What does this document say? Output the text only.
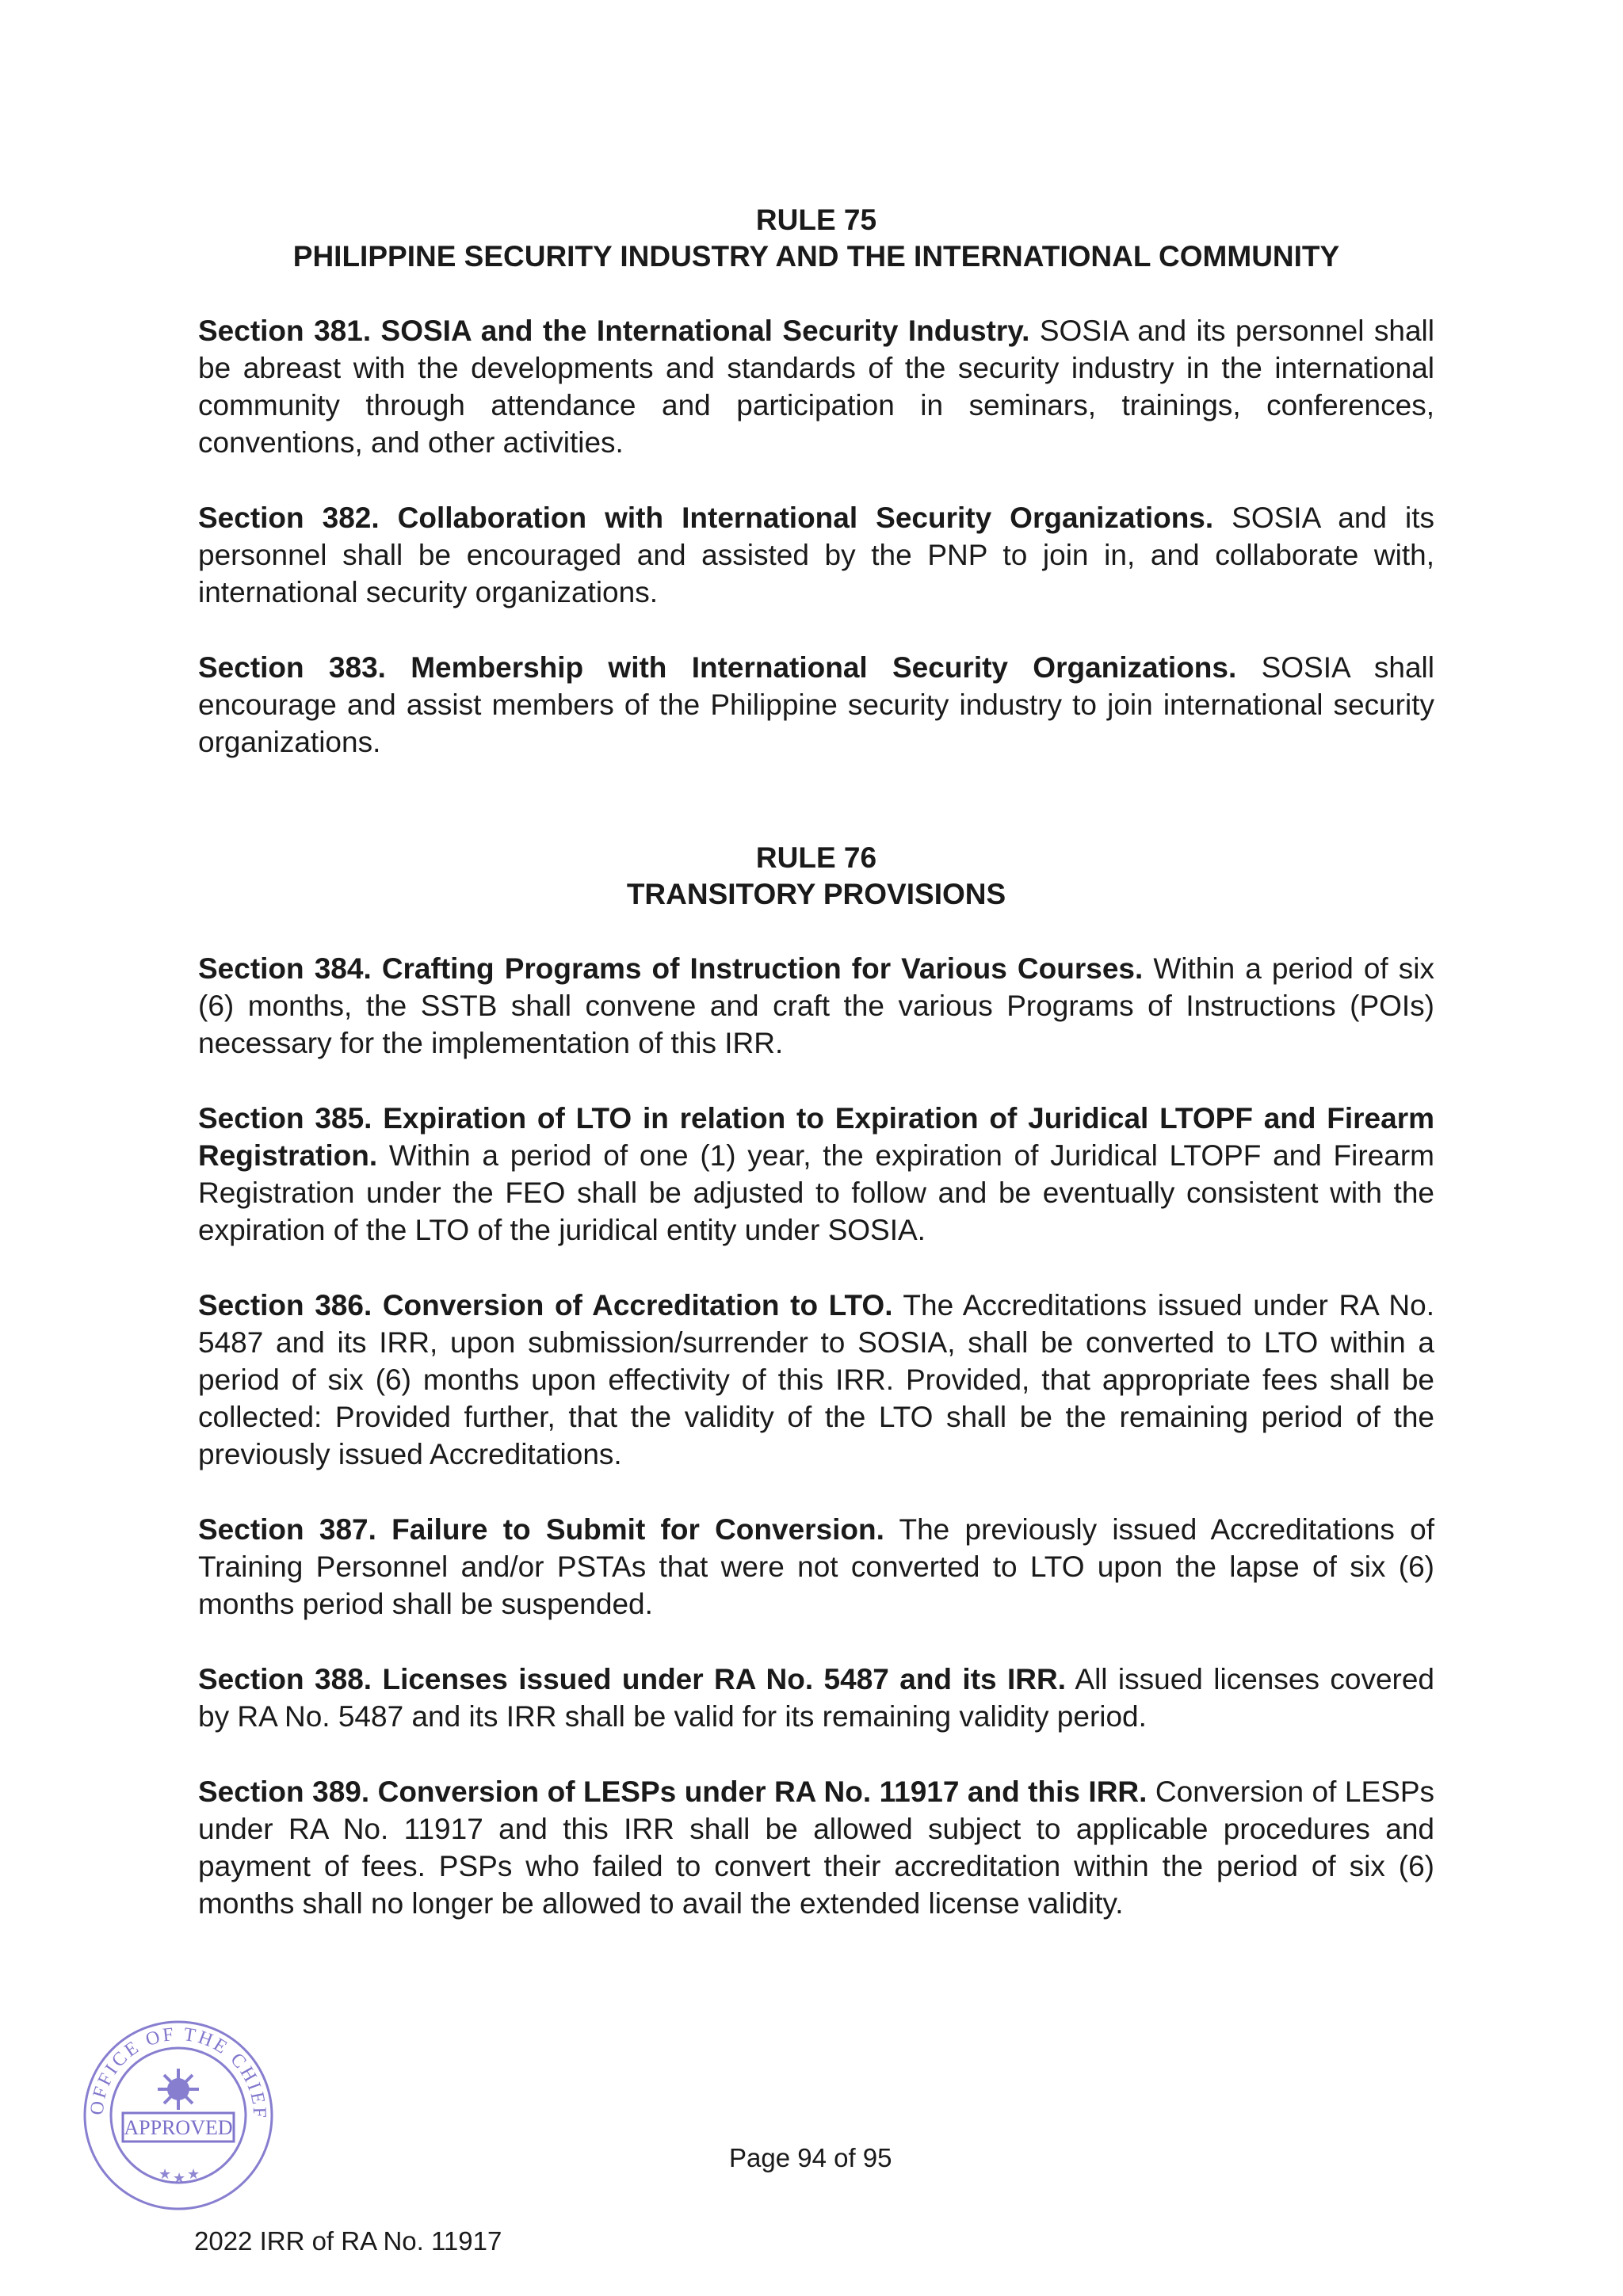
RULE 75

PHILIPPINE SECURITY INDUSTRY AND THE INTERNATIONAL COMMUNITY

Section 381. SOSIA and the International Security Industry. SOSIA and its personnel shall be abreast with the developments and standards of the security industry in the international community through attendance and participation in seminars, trainings, conferences, conventions, and other activities.

Section 382. Collaboration with International Security Organizations. SOSIA and its personnel shall be encouraged and assisted by the PNP to join in, and collaborate with, international security organizations.

Section 383. Membership with International Security Organizations. SOSIA shall encourage and assist members of the Philippine security industry to join international security organizations.

RULE 76

TRANSITORY PROVISIONS

Section 384. Crafting Programs of Instruction for Various Courses. Within a period of six (6) months, the SSTB shall convene and craft the various Programs of Instructions (POIs) necessary for the implementation of this IRR.

Section 385. Expiration of LTO in relation to Expiration of Juridical LTOPF and Firearm Registration. Within a period of one (1) year, the expiration of Juridical LTOPF and Firearm Registration under the FEO shall be adjusted to follow and be eventually consistent with the expiration of the LTO of the juridical entity under SOSIA.

Section 386. Conversion of Accreditation to LTO. The Accreditations issued under RA No. 5487 and its IRR, upon submission/surrender to SOSIA, shall be converted to LTO within a period of six (6) months upon effectivity of this IRR. Provided, that appropriate fees shall be collected: Provided further, that the validity of the LTO shall be the remaining period of the previously issued Accreditations.

Section 387. Failure to Submit for Conversion. The previously issued Accreditations of Training Personnel and/or PSTAs that were not converted to LTO upon the lapse of six (6) months period shall be suspended.

Section 388. Licenses issued under RA No. 5487 and its IRR. All issued licenses covered by RA No. 5487 and its IRR shall be valid for its remaining validity period.

Section 389. Conversion of LESPs under RA No. 11917 and this IRR. Conversion of LESPs under RA No. 11917 and this IRR shall be allowed subject to applicable procedures and payment of fees. PSPs who failed to convert their accreditation within the period of six (6) months shall no longer be allowed to avail the extended license validity.

OFFICE OF THE CHIEF
APPROVED
★ ★ ★
Page 94 of 95
2022 IRR of RA No. 11917
